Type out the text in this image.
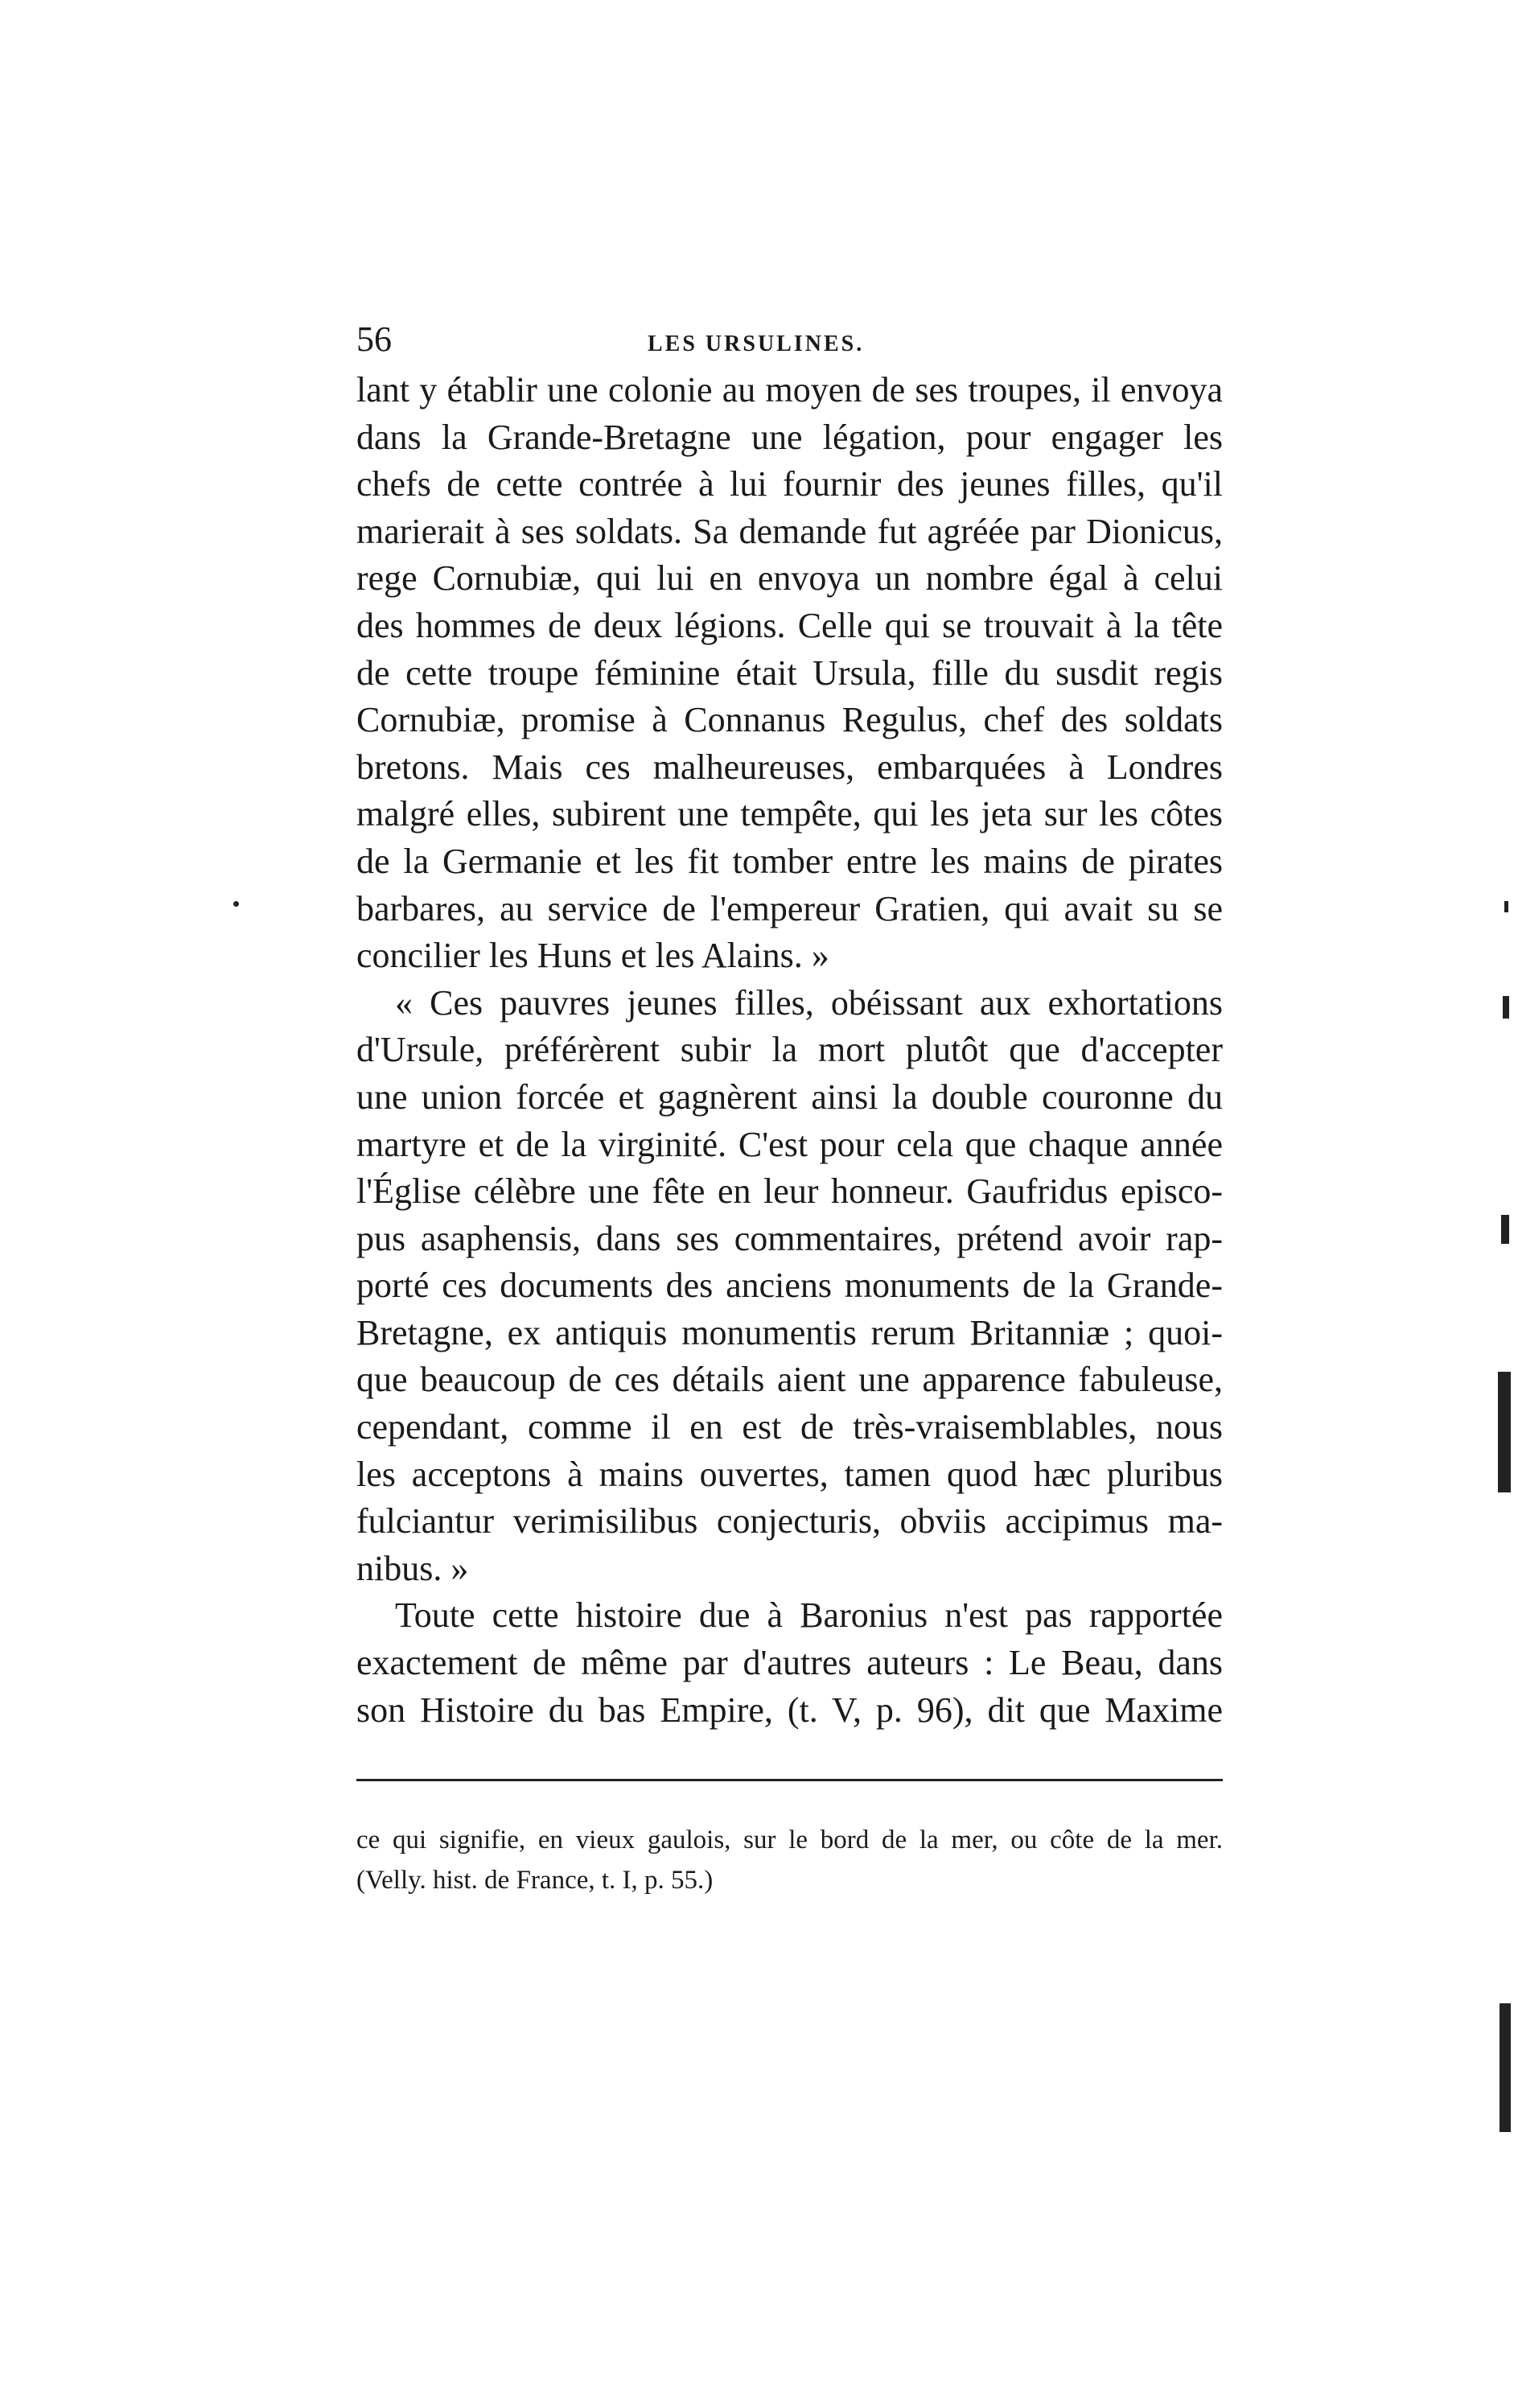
56	LES URSULINES.
lant y établir une colonie au moyen de ses troupes, il envoya
dans la Grande-Bretagne une légation, pour engager les
chefs de cette contrée à lui fournir des jeunes filles, qu'il
marierait à ses soldats. Sa demande fut agréée par Dionicus,
rege Cornubiæ, qui lui en envoya un nombre égal à celui
des hommes de deux légions. Celle qui se trouvait à la tête
de cette troupe féminine était Ursula, fille du susdit regis
Cornubiæ, promise à Connanus Regulus, chef des soldats
bretons. Mais ces malheureuses, embarquées à Londres
malgré elles, subirent une tempête, qui les jeta sur les côtes
de la Germanie et les fit tomber entre les mains de pirates
barbares, au service de l'empereur Gratien, qui avait su se
concilier les Huns et les Alains. »
« Ces pauvres jeunes filles, obéissant aux exhortations
d'Ursule, préférèrent subir la mort plutôt que d'accepter
une union forcée et gagnèrent ainsi la double couronne du
martyre et de la virginité. C'est pour cela que chaque année
l'Église célèbre une fête en leur honneur. Gaufridus episco-
pus asaphensis, dans ses commentaires, prétend avoir rap-
porté ces documents des anciens monuments de la Grande-
Bretagne, ex antiquis monumentis rerum Britanniæ ; quoi-
que beaucoup de ces détails aient une apparence fabuleuse,
cependant, comme il en est de très-vraisemblables, nous
les acceptons à mains ouvertes, tamen quod hæc pluribus
fulciantur verimisilibus conjecturis, obviis accipimus ma-
nibus. »
Toute cette histoire due à Baronius n'est pas rapportée
exactement de même par d'autres auteurs : Le Beau, dans
son Histoire du bas Empire, (t. V, p. 96), dit que Maxime
ce qui signifie, en vieux gaulois, sur le bord de la mer, ou côte de la mer.
(Velly. hist. de France, t. I, p. 55.)
